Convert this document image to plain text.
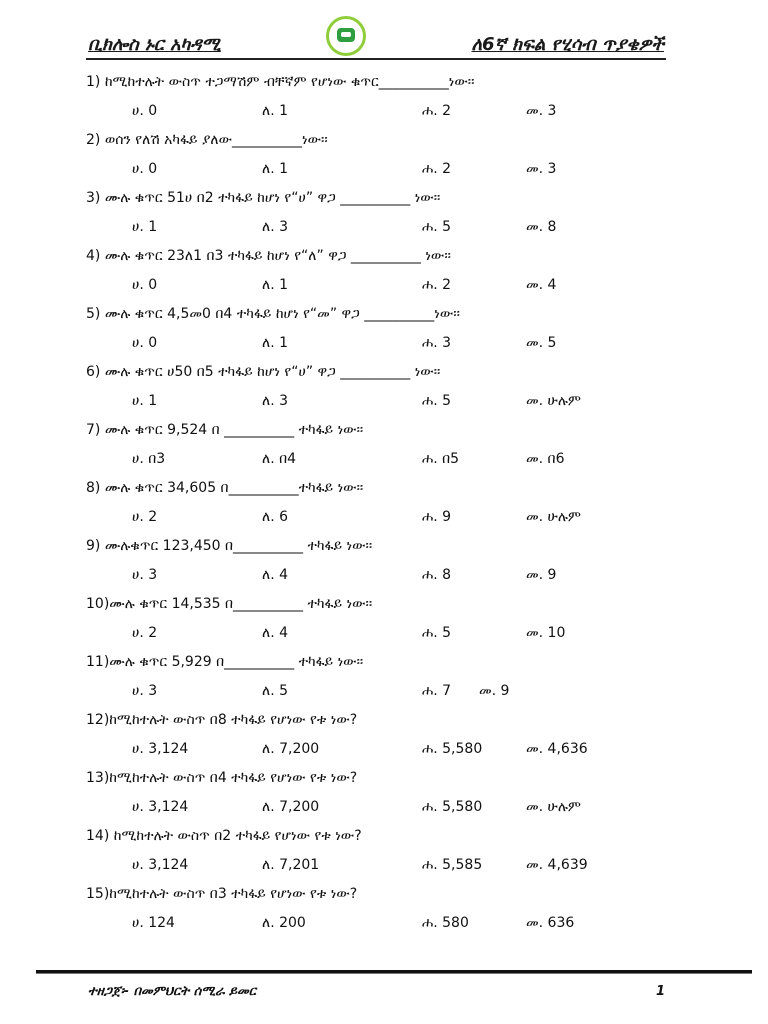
ቢክሎስ ኑር አካዳሚ	ለ6ኛ ክፍል የሂሳብ ጥያቄዎች
1) ከሚከተሉት ውስጥ ተጋማሽም ብቸኛም የሆነው ቁጥር__________ነው፡፡
ሀ. 0	ለ. 1	ሐ. 2	መ. 3
2) ወሰን የለሽ አካፋይ ያለው__________ነው፡፡
ሀ. 0	ለ. 1	ሐ. 2	መ. 3
3) ሙሉ ቁጥር 51ሀ በ2 ተካፋይ ከሆነ የ“ሀ” ዋጋ __________ ነው፡፡
ሀ. 1	ለ. 3	ሐ. 5	መ. 8
4) ሙሉ ቁጥር 23ለ1 በ3 ተካፋይ ከሆነ የ“ለ” ዋጋ __________ ነው፡፡
ሀ. 0	ለ. 1	ሐ. 2	መ. 4
5) ሙሉ ቁጥር 4,5መ0 በ4 ተካፋይ ከሆነ የ“መ” ዋጋ __________ነው፡፡
ሀ. 0	ለ. 1	ሐ. 3	መ. 5
6) ሙሉ ቁጥር ሀ50 በ5 ተካፋይ ከሆነ የ“ሀ” ዋጋ __________ ነው፡፡
ሀ. 1	ለ. 3	ሐ. 5	መ. ሁሉም
7) ሙሉ ቁጥር 9,524 በ __________ ተካፋይ ነው፡፡
ሀ. በ3	ለ. በ4	ሐ. በ5	መ. በ6
8) ሙሉ ቁጥር 34,605 በ__________ተካፋይ ነው፡፡
ሀ. 2	ለ. 6	ሐ. 9	መ. ሁሉም
9) ሙሉቁጥር 123,450 በ__________ ተካፋይ ነው፡፡
ሀ. 3	ለ. 4	ሐ. 8	መ. 9
10)ሙሉ ቁጥር 14,535 በ__________ ተካፋይ ነው፡፡
ሀ. 2	ለ. 4	ሐ. 5	መ. 10
11)ሙሉ ቁጥር 5,929 በ__________ ተካፋይ ነው፡፡
ሀ. 3	ለ. 5	ሐ. 7 መ. 9
12)ከሚከተሉት ውስጥ በ8 ተካፋይ የሆነው የቱ ነው?
ሀ. 3,124	ለ. 7,200	ሐ. 5,580	መ. 4,636
13)ከሚከተሉት ውስጥ በ4 ተካፋይ የሆነው የቱ ነው?
ሀ. 3,124	ለ. 7,200	ሐ. 5,580	መ. ሁሉም
14) ከሚከተሉት ውስጥ በ2 ተካፋይ የሆነው የቱ ነው?
ሀ. 3,124	ለ. 7,201	ሐ. 5,585	መ. 4,639
15)ከሚከተሉት ውስጥ በ3 ተካፋይ የሆነው የቱ ነው?
ሀ. 124	ለ. 200	ሐ. 580	መ. 636
ተዘጋጀ፡- በመምህርት ሰሚራ ይመር	1
